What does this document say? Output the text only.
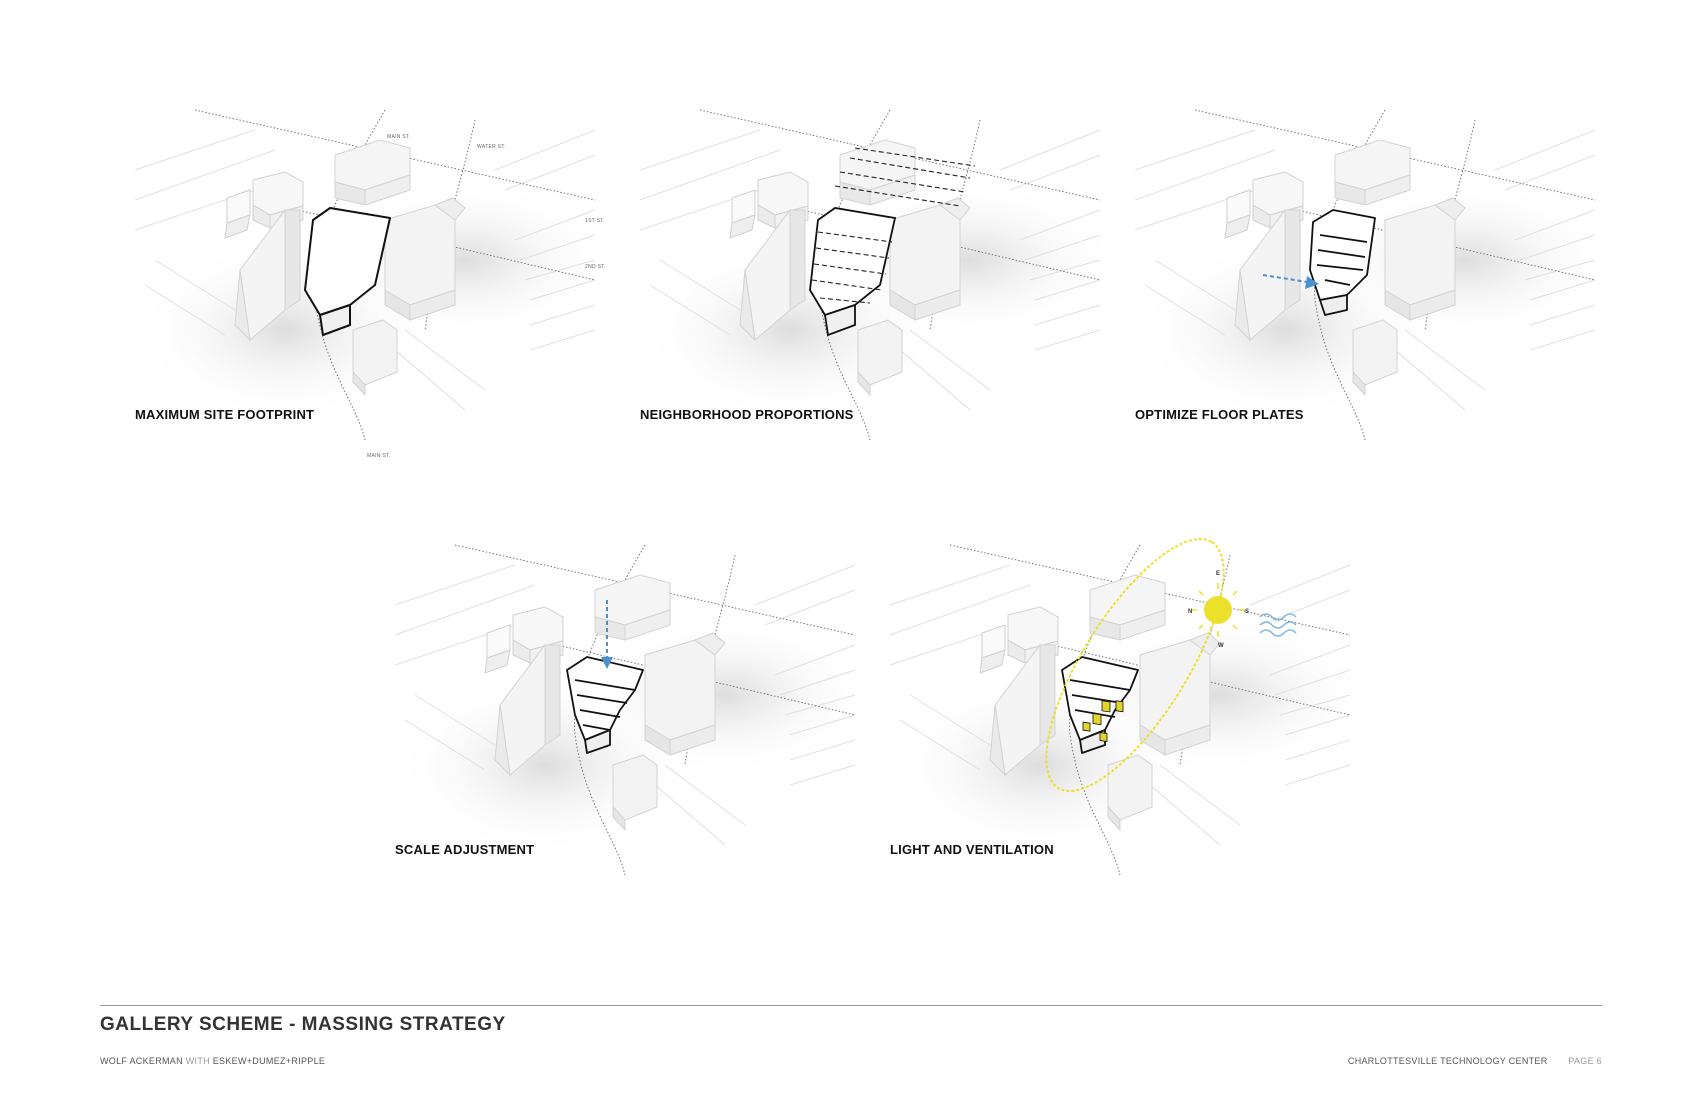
MAIN ST.
WATER ST.
1ST ST.
2ND ST.
MAIN ST.
MAXIMUM SITE FOOTPRINT	NEIGHBORHOOD PROPORTIONS	OPTIMIZE FLOOR PLATES
SCALE ADJUSTMENT
E
N	S
W
LIGHT AND VENTILATION
GALLERY SCHEME - MASSING STRATEGY
WOLF ACKERMAN WITH ESKEW+DUMEZ+RIPPLE	CHARLOTTESVILLE TECHNOLOGY CENTER PAGE 6
